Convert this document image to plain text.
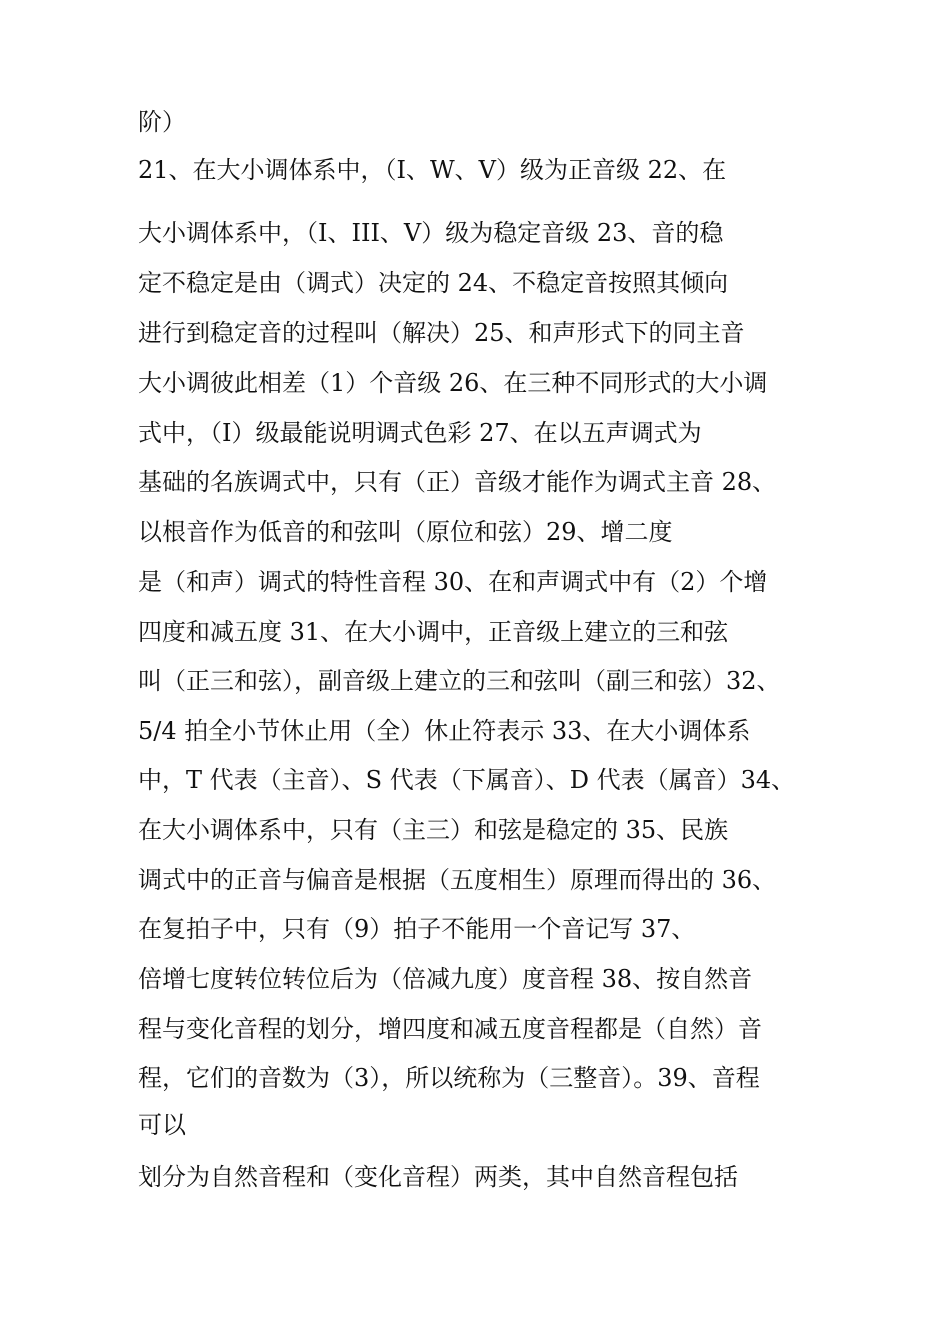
阶）
21、在大小调体系中，（I、W、V）级为正音级 22、在
大小调体系中，（I、III、V）级为稳定音级 23、音的稳
定不稳定是由（调式）决定的 24、不稳定音按照其倾向
进行到稳定音的过程叫（解决）25、和声形式下的同主音
大小调彼此相差（1）个音级 26、在三种不同形式的大小调
式中，（I）级最能说明调式色彩 27、在以五声调式为
基础的名族调式中，只有（正）音级才能作为调式主音 28、
以根音作为低音的和弦叫（原位和弦）29、增二度
是（和声）调式的特性音程 30、在和声调式中有（2）个增
四度和减五度 31、在大小调中，正音级上建立的三和弦
叫（正三和弦），副音级上建立的三和弦叫（副三和弦）32、
5/4 拍全小节休止用（全）休止符表示 33、在大小调体系
中，T 代表（主音）、S 代表（下属音）、D 代表（属音）34、
在大小调体系中，只有（主三）和弦是稳定的 35、民族
调式中的正音与偏音是根据（五度相生）原理而得出的 36、
在复拍子中，只有（9）拍子不能用一个音记写 37、
倍增七度转位转位后为（倍减九度）度音程 38、按自然音
程与变化音程的划分，增四度和减五度音程都是（自然）音
程，它们的音数为（3），所以统称为（三整音）。39、音程
可以
划分为自然音程和（变化音程）两类，其中自然音程包括
